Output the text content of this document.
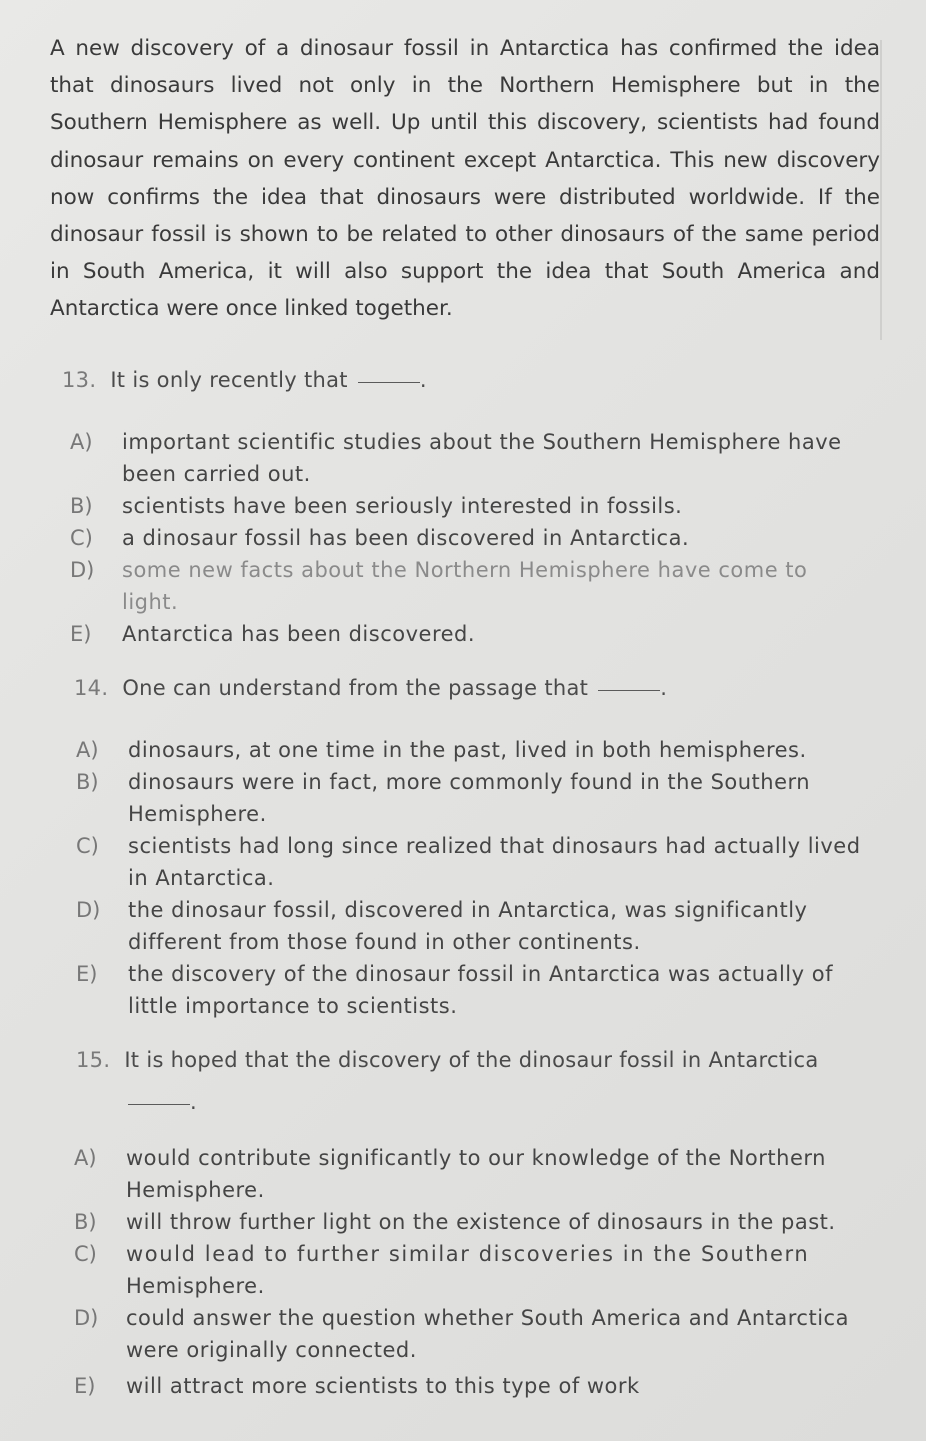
A new discovery of a dinosaur fossil in Antarctica has confirmed the idea that dinosaurs lived not only in the Northern Hemisphere but in the Southern Hemisphere as well. Up until this discovery, scientists had found dinosaur remains on every continent except Antarctica. This new discovery now confirms the idea that dinosaurs were distributed worldwide. If the dinosaur fossil is shown to be related to other dinosaurs of the same period in South America, it will also support the idea that South America and Antarctica were once linked together.
13. It is only recently that	.
A)	important scientific studies about the Southern Hemisphere have
been carried out.
B)	scientists have been seriously interested in fossils.
C)	a dinosaur fossil has been discovered in Antarctica.
D)	some new facts about the Northern Hemisphere have come to
light.
E)	Antarctica has been discovered.
14. One can understand from the passage that	.
A)	dinosaurs, at one time in the past, lived in both hemispheres.
B)	dinosaurs were in fact, more commonly found in the Southern
Hemisphere.
C)	scientists had long since realized that dinosaurs had actually lived
in Antarctica.
D)	the dinosaur fossil, discovered in Antarctica, was significantly
different from those found in other continents.
E)	the discovery of the dinosaur fossil in Antarctica was actually of
little importance to scientists.
15. It is hoped that the discovery of the dinosaur fossil in Antarctica
.
A)	would contribute significantly to our knowledge of the Northern
Hemisphere.
B)	will throw further light on the existence of dinosaurs in the past.
C)	would lead to further similar discoveries in the Southern
Hemisphere.
D)	could answer the question whether South America and Antarctica
were originally connected.
E)	will attract more scientists to this type of work
